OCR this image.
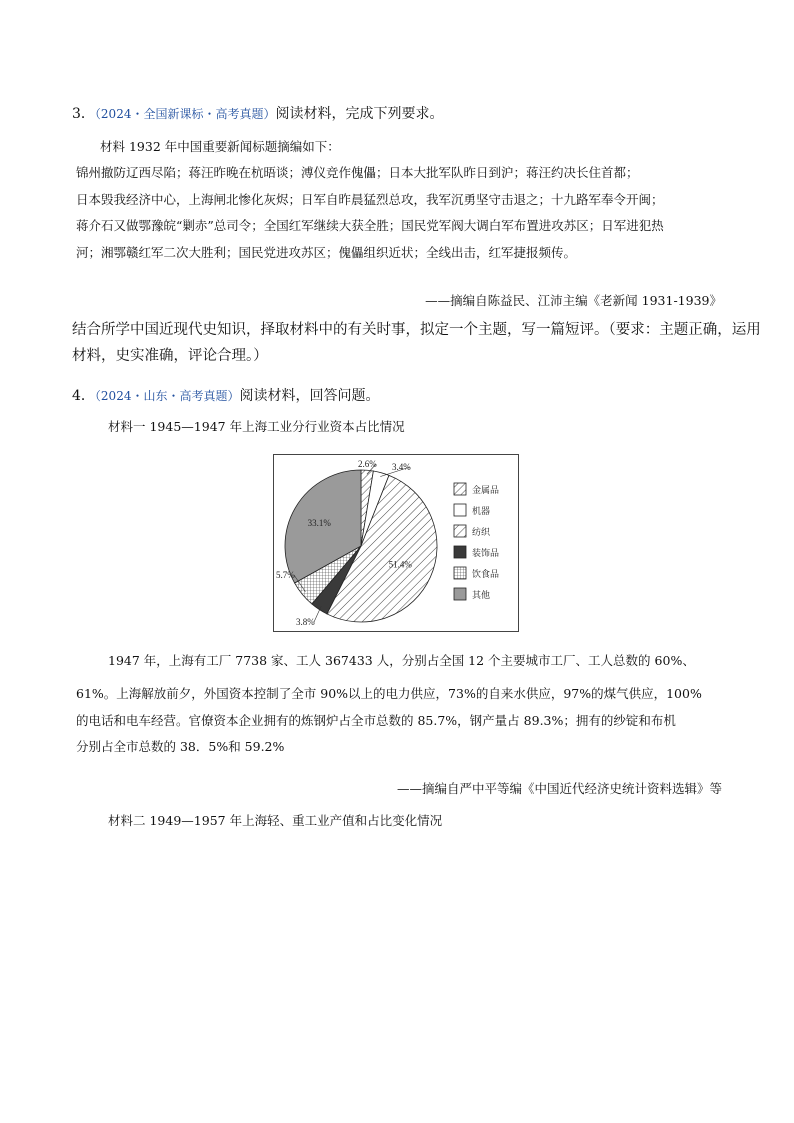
3．（2024・全国新课标・高考真题）阅读材料，完成下列要求。
材料 1932 年中国重要新闻标题摘编如下：
锦州撤防辽西尽陷；蒋汪昨晚在杭晤谈；溥仪竞作傀儡；日本大批军队昨日到沪；蒋汪约决长住首都；
日本毁我经济中心，上海闸北惨化灰烬；日军自昨晨猛烈总攻，我军沉勇坚守击退之；十九路军奉令开闽；
蒋介石又做鄂豫皖“剿赤”总司令；全国红军继续大获全胜；国民党军阀大调白军布置进攻苏区；日军进犯热
河；湘鄂赣红军二次大胜利；国民党进攻苏区；傀儡组织近状；全线出击，红军捷报频传。
——摘编自陈益民、江沛主编《老新闻 1931-1939》
结合所学中国近现代史知识，择取材料中的有关时事，拟定一个主题，写一篇短评。（要求：主题正确，运用
材料，史实准确，评论合理。）
4．（2024・山东・高考真题）阅读材料，回答问题。
材料一 1945—1947 年上海工业分行业资本占比情况
2.6% 3.4%
51.4%
3.8%
5.7%
33.1%
金属品
机器
纺织
装饰品
饮食品
其他
1947 年，上海有工厂 7738 家、工人 367433 人，分别占全国 12 个主要城市工厂、工人总数的 60%、
61%。上海解放前夕，外国资本控制了全市 90%以上的电力供应，73%的自来水供应，97%的煤气供应，100%
的电话和电车经营。官僚资本企业拥有的炼钢炉占全市总数的 85.7%，钢产量占 89.3%；拥有的纱锭和布机
分别占全市总数的 38．5%和 59.2%
——摘编自严中平等编《中国近代经济史统计资料选辑》等
材料二 1949—1957 年上海轻、重工业产值和占比变化情况
